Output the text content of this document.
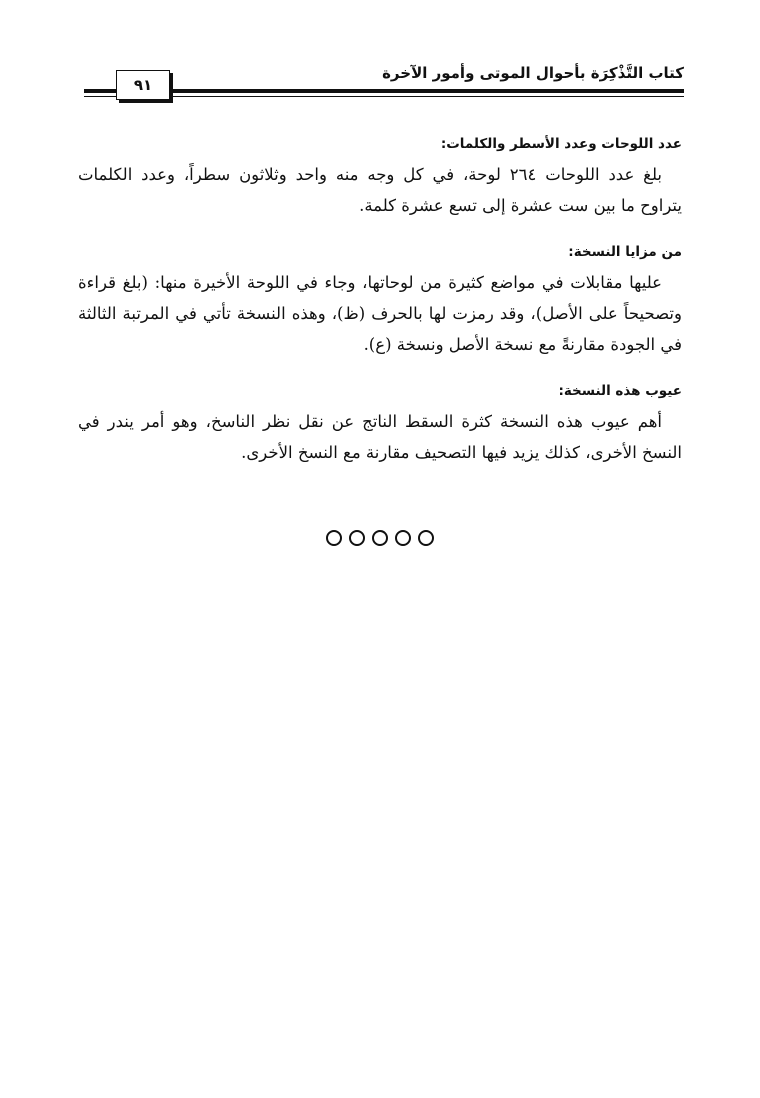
كتاب التَّذْكِرَة بأحوال الموتى وأمور الآخرة
٩١
عدد اللوحات وعدد الأسطر والكلمات:

بلغ عدد اللوحات ٢٦٤ لوحة، في كل وجه منه واحد وثلاثون سطراً، وعدد الكلمات يتراوح ما بين ست عشرة إلى تسع عشرة كلمة.

من مزايا النسخة:

عليها مقابلات في مواضع كثيرة من لوحاتها، وجاء في اللوحة الأخيرة منها: (بلغ قراءة وتصحيحاً على الأصل)، وقد رمزت لها بالحرف (ظ)، وهذه النسخة تأتي في المرتبة الثالثة في الجودة مقارنةً مع نسخة الأصل ونسخة (ع).

عيوب هذه النسخة:

أهم عيوب هذه النسخة كثرة السقط الناتج عن نقل نظر الناسخ، وهو أمر يندر في النسخ الأخرى، كذلك يزيد فيها التصحيف مقارنة مع النسخ الأخرى.
